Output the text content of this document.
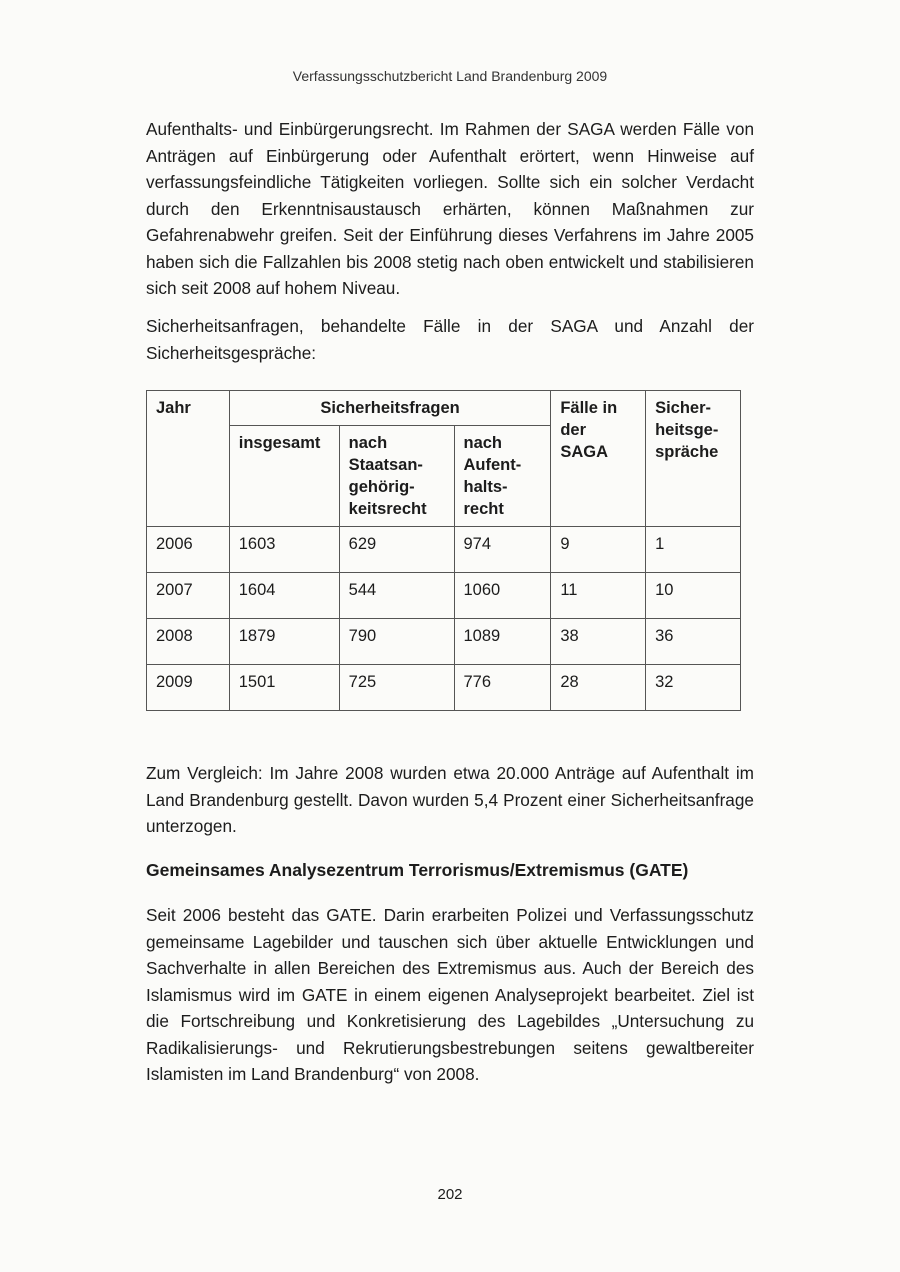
Verfassungsschutzbericht Land Brandenburg 2009

Aufenthalts- und Einbürgerungsrecht. Im Rahmen der SAGA werden Fälle von Anträgen auf Einbürgerung oder Aufenthalt erörtert, wenn Hinweise auf verfassungsfeindliche Tätigkeiten vorliegen. Sollte sich ein solcher Verdacht durch den Erkenntnisaustausch erhärten, können Maßnahmen zur Gefahrenabwehr greifen. Seit der Einführung dieses Verfahrens im Jahre 2005 haben sich die Fallzahlen bis 2008 stetig nach oben entwickelt und stabilisieren sich seit 2008 auf hohem Niveau.

Sicherheitsanfragen, behandelte Fälle in der SAGA und Anzahl der Sicherheitsgespräche:

Jahr	Sicherheitsfragen			Fälle in der SAGA	Sicher- heitsge- spräche
	insgesamt	nach Staatsan- gehörig- keitsrecht	nach Aufent- halts- recht		
2006	1603	629	974	9	1
2007	1604	544	1060	11	10
2008	1879	790	1089	38	36
2009	1501	725	776	28	32

Zum Vergleich: Im Jahre 2008 wurden etwa 20.000 Anträge auf Aufenthalt im Land Brandenburg gestellt. Davon wurden 5,4 Prozent einer Sicherheitsanfrage unterzogen.

Gemeinsames Analysezentrum Terrorismus/Extremismus (GATE)

Seit 2006 besteht das GATE. Darin erarbeiten Polizei und Verfassungsschutz gemeinsame Lagebilder und tauschen sich über aktuelle Entwicklungen und Sachverhalte in allen Bereichen des Extremismus aus. Auch der Bereich des Islamismus wird im GATE in einem eigenen Analyseprojekt bearbeitet. Ziel ist die Fortschreibung und Konkretisierung des Lagebildes „Untersuchung zu Radikalisierungs- und Rekrutierungsbestrebungen seitens gewaltbereiter Islamisten im Land Brandenburg“ von 2008.

202
